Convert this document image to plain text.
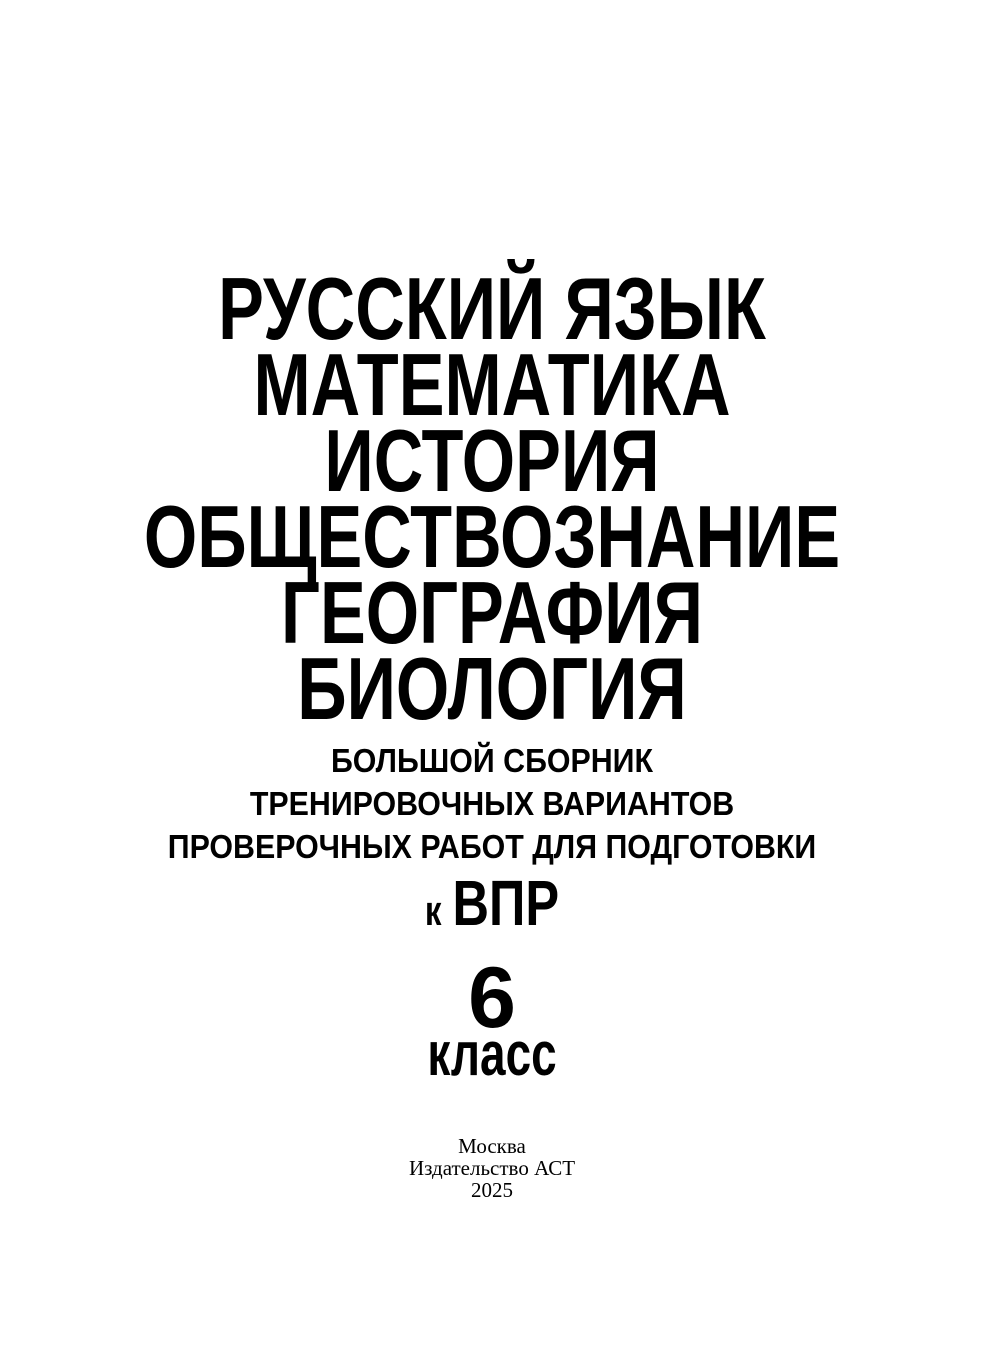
РУССКИЙ ЯЗЫК
МАТЕМАТИКА
ИСТОРИЯ
ОБЩЕСТВОЗНАНИЕ
ГЕОГРАФИЯ
БИОЛОГИЯ
БОЛЬШОЙ СБОРНИК
ТРЕНИРОВОЧНЫХ ВАРИАНТОВ
ПРОВЕРОЧНЫХ РАБОТ ДЛЯ ПОДГОТОВКИ
к ВПР
6
класс
Москва
Издательство АСТ
2025
